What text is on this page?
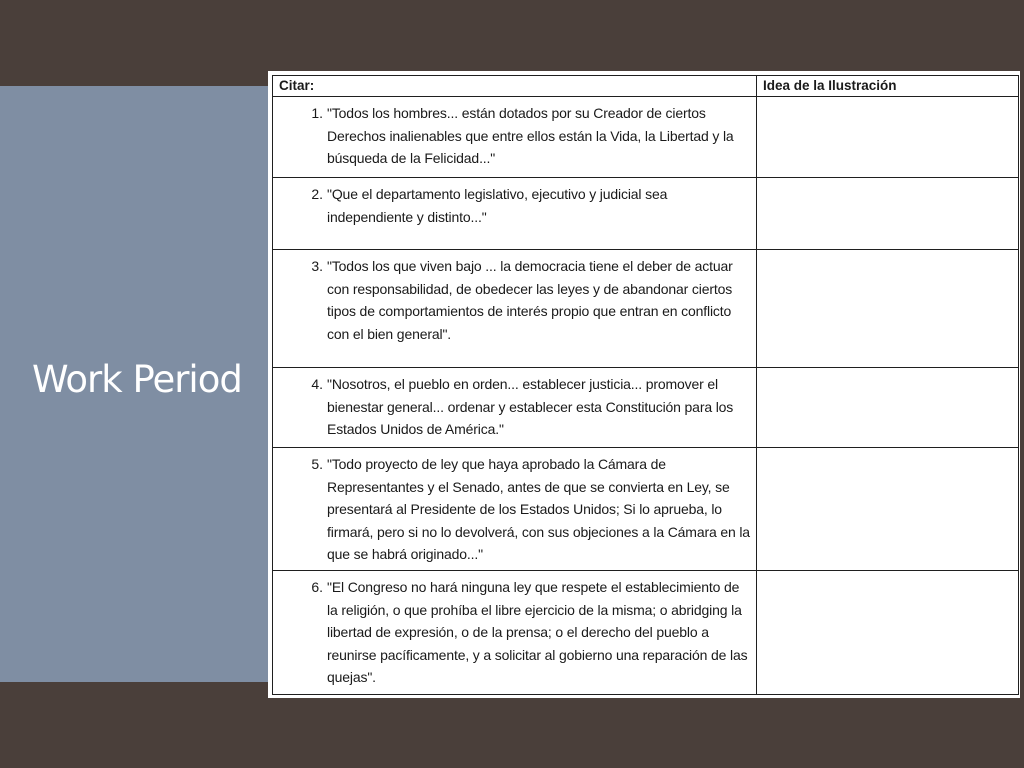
Work Period
Citar:	Idea de la Ilustración

1. "Todos los hombres... están dotados por su Creador de ciertos Derechos inalienables que entre ellos están la Vida, la Libertad y la búsqueda de la Felicidad..."	

2. "Que el departamento legislativo, ejecutivo y judicial sea independiente y distinto..."	

3. "Todos los que viven bajo ... la democracia tiene el deber de actuar con responsabilidad, de obedecer las leyes y de abandonar ciertos tipos de comportamientos de interés propio que entran en conflicto con el bien general".	

4. "Nosotros, el pueblo en orden... establecer justicia... promover el bienestar general... ordenar y establecer esta Constitución para los Estados Unidos de América."	

5. "Todo proyecto de ley que haya aprobado la Cámara de Representantes y el Senado, antes de que se convierta en Ley, se presentará al Presidente de los Estados Unidos; Si lo aprueba, lo firmará, pero si no lo devolverá, con sus objeciones a la Cámara en la que se habrá originado..."	

6. "El Congreso no hará ninguna ley que respete el establecimiento de la religión, o que prohíba el libre ejercicio de la misma; o abridging la libertad de expresión, o de la prensa; o el derecho del pueblo a reunirse pacíficamente, y a solicitar al gobierno una reparación de las quejas".	
